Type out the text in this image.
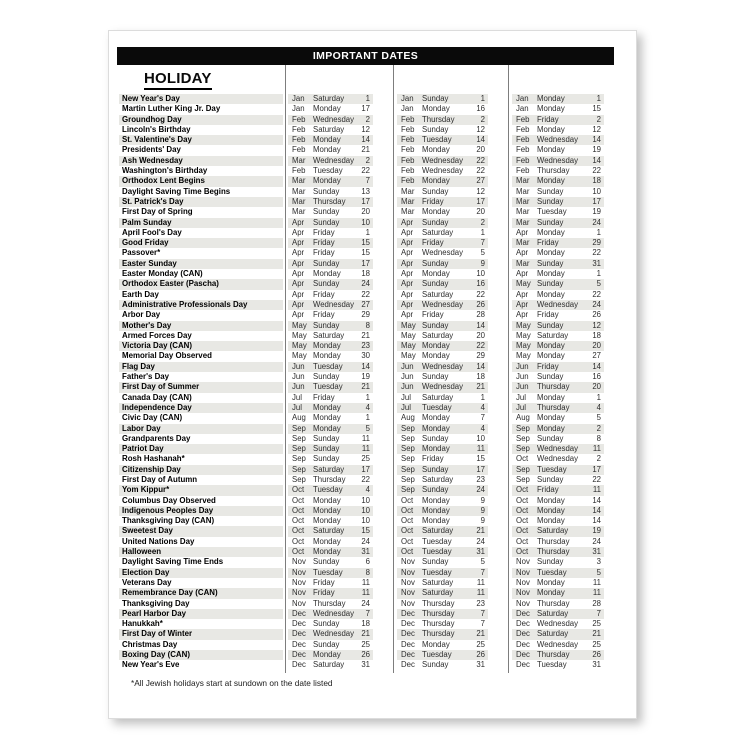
IMPORTANT DATES
HOLIDAY
New Year's Day	Jan	Saturday	1	Jan	Sunday	1	Jan	Monday	1
Martin Luther King Jr. Day	Jan	Monday	17	Jan	Monday	16	Jan	Monday	15
Groundhog Day	Feb Wednesday	2	Feb Thursday	2	Feb Friday	2
Lincoln's Birthday	Feb Saturday	12	Feb Sunday	12	Feb Monday	12
St. Valentine's Day	Feb Monday	14	Feb Tuesday	14	Feb Wednesday	14
Presidents' Day	Feb Monday	21	Feb Monday	20	Feb Monday	19
Ash Wednesday	Mar Wednesday	2	Feb Wednesday	22	Feb Wednesday	14
Washington's Birthday	Feb Tuesday	22	Feb Wednesday	22	Feb Thursday	22
Orthodox Lent Begins	Mar Monday	7	Feb Monday	27	Mar Monday	18
Daylight Saving Time Begins	Mar Sunday	13	Mar Sunday	12	Mar Sunday	10
St. Patrick's Day	Mar Thursday	17	Mar Friday	17	Mar Sunday	17
First Day of Spring	Mar Sunday	20	Mar Monday	20	Mar Tuesday	19
Palm Sunday	Apr	Sunday	10	Apr	Sunday	2	Mar Sunday	24
April Fool's Day	Apr	Friday	1	Apr	Saturday	1	Apr	Monday	1
Good Friday	Apr	Friday	15	Apr	Friday	7	Mar Friday	29
Passover*	Apr	Friday	15	Apr	Wednesday	5	Apr	Monday	22
Easter Sunday	Apr	Sunday	17	Apr	Sunday	9	Mar Sunday	31
Easter Monday (CAN)	Apr	Monday	18	Apr	Monday	10	Apr	Monday	1
Orthodox Easter (Pascha)	Apr	Sunday	24	Apr	Sunday	16	May Sunday	5
Earth Day	Apr	Friday	22	Apr	Saturday	22	Apr	Monday	22
Administrative Professionals Day	Apr	Wednesday 27	Apr	Wednesday	26	Apr	Wednesday	24
Arbor Day	Apr	Friday	29	Apr	Friday	28	Apr	Friday	26
Mother's Day	May Sunday	8	May Sunday	14	May Sunday	12
Armed Forces Day	May Saturday	21	May Saturday	20	May Saturday	18
Victoria Day (CAN)	May Monday	23	May Monday	22	May Monday	20
Memorial Day Observed	May Monday	30	May Monday	29	May Monday	27
Flag Day	Jun	Tuesday	14	Jun	Wednesday	14	Jun	Friday	14
Father's Day	Jun	Sunday	19	Jun	Sunday	18	Jun	Sunday	16
First Day of Summer	Jun	Tuesday	21	Jun	Wednesday	21	Jun	Thursday	20
Canada Day (CAN)	Jul	Friday	1	Jul	Saturday	1	Jul	Monday	1
Independence Day	Jul	Monday	4	Jul	Tuesday	4	Jul	Thursday	4
Civic Day (CAN)	Aug Monday	1	Aug Monday	7	Aug Monday	5
Labor Day	Sep Monday	5	Sep Monday	4	Sep Monday	2
Grandparents Day	Sep Sunday	11	Sep Sunday	10	Sep Sunday	8
Patriot Day	Sep Sunday	11	Sep Monday	11	Sep Wednesday	11
Rosh Hashanah*	Sep Sunday	25	Sep Friday	15	Oct	Wednesday	2
Citizenship Day	Sep Saturday	17	Sep Sunday	17	Sep Tuesday	17
First Day of Autumn	Sep Thursday	22	Sep Saturday	23	Sep Sunday	22
Yom Kippur*	Oct	Tuesday	4	Sep Sunday	24	Oct	Friday	11
Columbus Day Observed	Oct	Monday	10	Oct	Monday	9	Oct	Monday	14
Indigenous Peoples Day	Oct	Monday	10	Oct	Monday	9	Oct	Monday	14
Thanksgiving Day (CAN)	Oct	Monday	10	Oct	Monday	9	Oct	Monday	14
Sweetest Day	Oct	Saturday	15	Oct	Saturday	21	Oct	Saturday	19
United Nations Day	Oct	Monday	24	Oct	Tuesday	24	Oct	Thursday	24
Halloween	Oct	Monday	31	Oct	Tuesday	31	Oct	Thursday	31
Daylight Saving Time Ends	Nov Sunday	6	Nov Sunday	5	Nov Sunday	3
Election Day	Nov Tuesday	8	Nov Tuesday	7	Nov Tuesday	5
Veterans Day	Nov Friday	11	Nov Saturday	11	Nov Monday	11
Remembrance Day (CAN)	Nov Friday	11	Nov Saturday	11	Nov Monday	11
Thanksgiving Day	Nov Thursday	24	Nov Thursday	23	Nov Thursday	28
Pearl Harbor Day	Dec Wednesday	7	Dec Thursday	7	Dec Saturday	7
Hanukkah*	Dec Sunday	18	Dec Thursday	7	Dec Wednesday	25
First Day of Winter	Dec Wednesday 21	Dec Thursday	21	Dec Saturday	21
Christmas Day	Dec Sunday	25	Dec Monday	25	Dec Wednesday	25
Boxing Day (CAN)	Dec Monday	26	Dec Tuesday	26	Dec Thursday	26
New Year's Eve	Dec Saturday	31	Dec Sunday	31	Dec Tuesday	31
*All Jewish holidays start at sundown on the date listed
